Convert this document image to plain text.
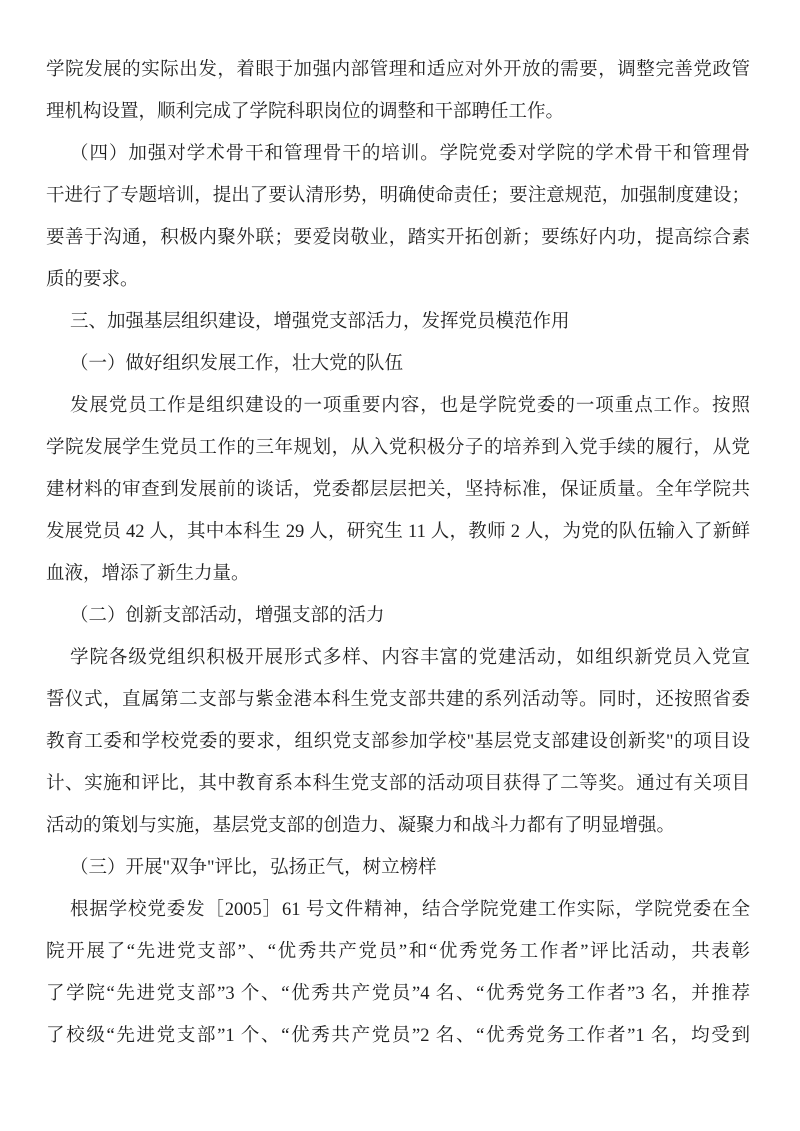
学院发展的实际出发，着眼于加强内部管理和适应对外开放的需要，调整完善党政管
理机构设置，顺利完成了学院科职岗位的调整和干部聘任工作。
（四）加强对学术骨干和管理骨干的培训。学院党委对学院的学术骨干和管理骨
干进行了专题培训，提出了要认清形势，明确使命责任；要注意规范，加强制度建设；
要善于沟通，积极内聚外联；要爱岗敬业，踏实开拓创新；要练好内功，提高综合素
质的要求。
三、加强基层组织建设，增强党支部活力，发挥党员模范作用
（一）做好组织发展工作，壮大党的队伍
发展党员工作是组织建设的一项重要内容，也是学院党委的一项重点工作。按照
学院发展学生党员工作的三年规划，从入党积极分子的培养到入党手续的履行，从党
建材料的审查到发展前的谈话，党委都层层把关，坚持标准，保证质量。全年学院共
发展党员 42 人，其中本科生 29 人，研究生 11 人，教师 2 人，为党的队伍输入了新鲜
血液，增添了新生力量。
（二）创新支部活动，增强支部的活力
学院各级党组织积极开展形式多样、内容丰富的党建活动，如组织新党员入党宣
誓仪式，直属第二支部与紫金港本科生党支部共建的系列活动等。同时，还按照省委
教育工委和学校党委的要求，组织党支部参加学校"基层党支部建设创新奖"的项目设
计、实施和评比，其中教育系本科生党支部的活动项目获得了二等奖。通过有关项目
活动的策划与实施，基层党支部的创造力、凝聚力和战斗力都有了明显增强。
（三）开展"双争"评比，弘扬正气，树立榜样
根据学校党委发［2005］61 号文件精神，结合学院党建工作实际，学院党委在全
院开展了“先进党支部”、“优秀共产党员”和“优秀党务工作者”评比活动，共表彰
了学院“先进党支部”3 个、“优秀共产党员”4 名、“优秀党务工作者”3 名，并推荐
了校级“先进党支部”1 个、“优秀共产党员”2 名、“优秀党务工作者”1 名，均受到
